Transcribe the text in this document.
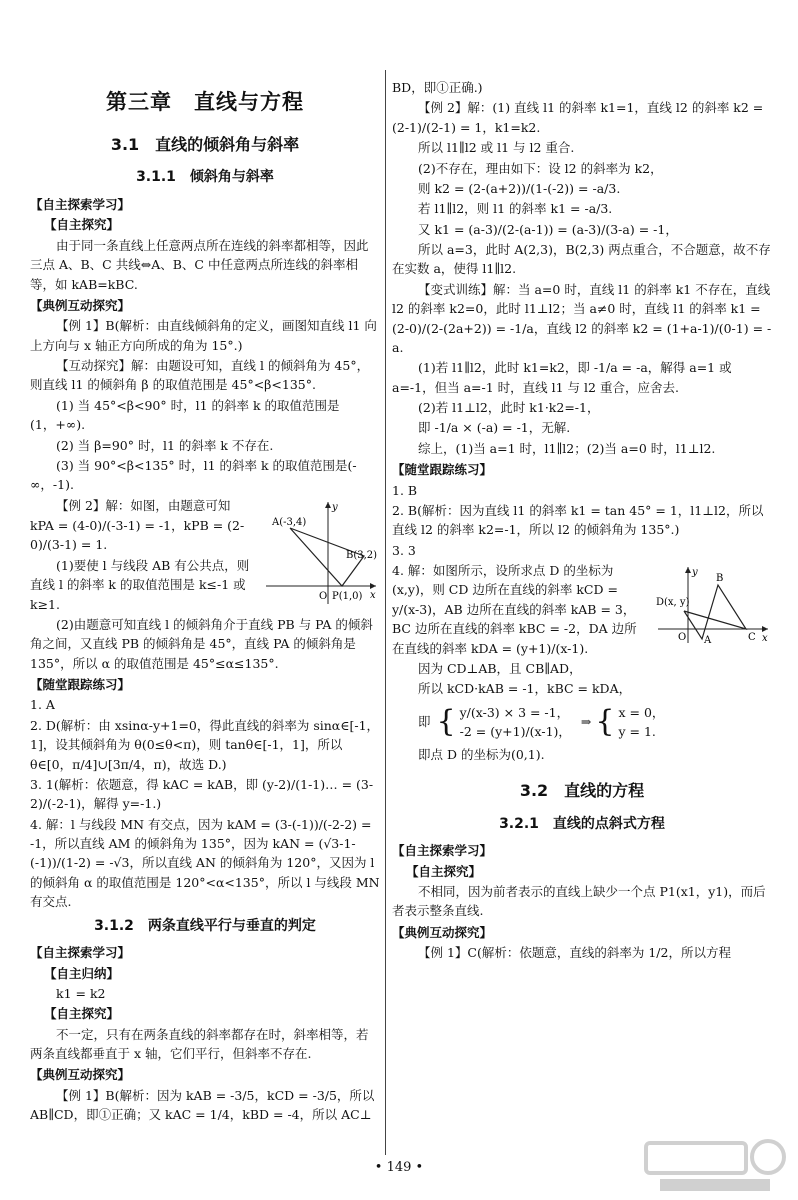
第三章　直线与方程
3.1　直线的倾斜角与斜率
3.1.1　倾斜角与斜率

【自主探索学习】

【自主探究】

由于同一条直线上任意两点所在连线的斜率都相等，因此三点 A、B、C 共线⇔A、B、C 中任意两点所连线的斜率相等，如 kAB=kBC.

【典例互动探究】

【例 1】B(解析：由直线倾斜角的定义，画图知直线 l1 向上方向与 x 轴正方向所成的角为 15°.)

【互动探究】解：由题设可知，直线 l 的倾斜角为 45°，则直线 l1 的倾斜角 β 的取值范围是 45°<β<135°.

(1) 当 45°<β<90° 时，l1 的斜率 k 的取值范围是(1，+∞).

(2) 当 β=90° 时，l1 的斜率 k 不存在.

(3) 当 90°<β<135° 时，l1 的斜率 k 的取值范围是(-∞，-1).

A(-3,4)
B(3,2)
P(1,0)
O	x
y

【例 2】解：如图，由题意可知

kPA = (4-0)/(-3-1) = -1，kPB = (2-0)/(3-1) = 1.

(1)要使 l 与线段 AB 有公共点，则直线 l 的斜率 k 的取值范围是 k≤-1 或 k≥1.

(2)由题意可知直线 l 的倾斜角介于直线 PB 与 PA 的倾斜角之间，又直线 PB 的倾斜角是 45°，直线 PA 的倾斜角是 135°，所以 α 的取值范围是 45°≤α≤135°.

【随堂跟踪练习】

1. A

2. D(解析：由 xsinα-y+1=0，得此直线的斜率为 sinα∈[-1，1]，设其倾斜角为 θ(0≤θ<π)，则 tanθ∈[-1，1]，所以 θ∈[0，π/4]∪[3π/4，π)，故选 D.)

3. 1(解析：依题意，得 kAC = kAB，即 (y-2)/(1-1)… = (3-2)/(-2-1)，解得 y=-1.)

4. 解：l 与线段 MN 有交点，因为 kAM = (3-(-1))/(-2-2) = -1，所以直线 AM 的倾斜角为 135°，因为 kAN = (√3-1-(-1))/(1-2) = -√3，所以直线 AN 的倾斜角为 120°，又因为 l 的倾斜角 α 的取值范围是 120°<α<135°，所以 l 与线段 MN 有交点.

3.1.2　两条直线平行与垂直的判定

【自主探索学习】

【自主归纳】

k1 = k2

【自主探究】

不一定，只有在两条直线的斜率都存在时，斜率相等，若两条直线都垂直于 x 轴，它们平行，但斜率不存在.

【典例互动探究】

【例 1】B(解析：因为 kAB = -3/5，kCD = -3/5，所以 AB∥CD，即①正确；又 kAC = 1/4，kBD = -4，所以 AC⊥

BD，即①正确.)

【例 2】解：(1) 直线 l1 的斜率 k1=1，直线 l2 的斜率 k2 = (2-1)/(2-1) = 1，k1=k2.

所以 l1∥l2 或 l1 与 l2 重合.

(2)不存在，理由如下：设 l2 的斜率为 k2，

则 k2 = (2-(a+2))/(1-(-2)) = -a/3.

若 l1∥l2，则 l1 的斜率 k1 = -a/3.

又 k1 = (a-3)/(2-(a-1)) = (a-3)/(3-a) = -1，

所以 a=3，此时 A(2,3)，B(2,3) 两点重合，不合题意，故不存在实数 a，使得 l1∥l2.

【变式训练】解：当 a=0 时，直线 l1 的斜率 k1 不存在，直线 l2 的斜率 k2=0，此时 l1⊥l2；当 a≠0 时，直线 l1 的斜率 k1 = (2-0)/(2-(2a+2)) = -1/a，直线 l2 的斜率 k2 = (1+a-1)/(0-1) = -a.

(1)若 l1∥l2，此时 k1=k2，即 -1/a = -a，解得 a=1 或 a=-1，但当 a=-1 时，直线 l1 与 l2 重合，应舍去.

(2)若 l1⊥l2，此时 k1·k2=-1，

即 -1/a × (-a) = -1，无解.

综上，(1)当 a=1 时，l1∥l2；(2)当 a=0 时，l1⊥l2.

【随堂跟踪练习】

1. B

2. B(解析：因为直线 l1 的斜率 k1 = tan 45° = 1，l1⊥l2，所以直线 l2 的斜率 k2=-1，所以 l2 的倾斜角为 135°.)

3. 3

D(x, y)
B
A	C
O	x
y

4. 解：如图所示，设所求点 D 的坐标为(x,y)，则 CD 边所在直线的斜率 kCD = y/(x-3)，AB 边所在直线的斜率 kAB = 3，BC 边所在直线的斜率 kBC = -2，DA 边所在直线的斜率 kDA = (y+1)/(x-1).

因为 CD⊥AB，且 CB∥AD，

所以 kCD·kAB = -1，kBC = kDA，

即 { y/(x-3) × 3 = -1，
-2 = (y+1)/(x-1)，
⇒ { x = 0，
y = 1.

即点 D 的坐标为(0,1).

3.2　直线的方程
3.2.1　直线的点斜式方程

【自主探索学习】

【自主探究】

不相同，因为前者表示的直线上缺少一个点 P1(x1，y1)，而后者表示整条直线.

【典例互动探究】

【例 1】C(解析：依题意，直线的斜率为 1/2，所以方程

• 149 •
